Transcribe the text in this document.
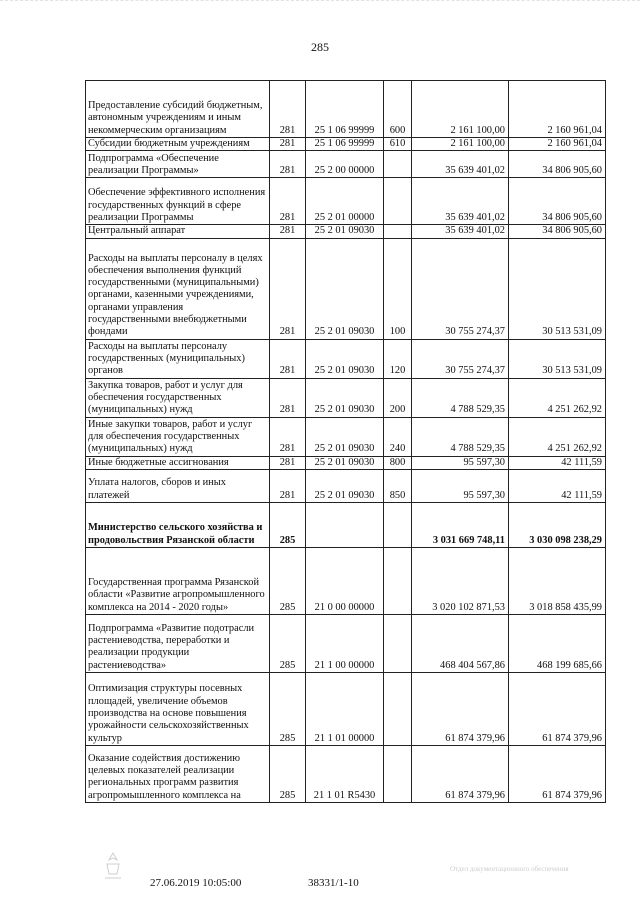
285
Предоставление субсидий бюджетным, автономным учреждениям и иным некоммерческим организациям	281	25 1 06 99999	600	2 161 100,00	2 160 961,04
Субсидии бюджетным учреждениям	281	25 1 06 99999	610	2 161 100,00	2 160 961,04
Подпрограмма «Обеспечение реализации Программы»	281	25 2 00 00000		35 639 401,02	34 806 905,60
Обеспечение эффективного исполнения государственных функций в сфере реализации Программы	281	25 2 01 00000		35 639 401,02	34 806 905,60
Центральный аппарат	281	25 2 01 09030		35 639 401,02	34 806 905,60
Расходы на выплаты персоналу в целях обеспечения выполнения функций государственными (муниципальными) органами, казенными учреждениями, органами управления государственными внебюджетными фондами	281	25 2 01 09030	100	30 755 274,37	30 513 531,09
Расходы на выплаты персоналу государственных (муниципальных) органов	281	25 2 01 09030	120	30 755 274,37	30 513 531,09
Закупка товаров, работ и услуг для обеспечения государственных (муниципальных) нужд	281	25 2 01 09030	200	4 788 529,35	4 251 262,92
Иные закупки товаров, работ и услуг для обеспечения государственных (муниципальных) нужд	281	25 2 01 09030	240	4 788 529,35	4 251 262,92
Иные бюджетные ассигнования	281	25 2 01 09030	800	95 597,30	42 111,59
Уплата налогов, сборов и иных платежей	281	25 2 01 09030	850	95 597,30	42 111,59
Министерство сельского хозяйства и продовольствия Рязанской области	285			3 031 669 748,11	3 030 098 238,29
Государственная программа Рязанской области «Развитие агропромышленного комплекса на 2014 - 2020 годы»	285	21 0 00 00000		3 020 102 871,53	3 018 858 435,99
Подпрограмма «Развитие подотрасли растениеводства, переработки и реализации продукции растениеводства»	285	21 1 00 00000		468 404 567,86	468 199 685,66
Оптимизация структуры посевных площадей, увеличение объемов производства на основе повышения урожайности сельскохозяйственных культур	285	21 1 01 00000		61 874 379,96	61 874 379,96
Оказание содействия достижению целевых показателей реализации региональных программ развития агропромышленного комплекса на	285	21 1 01 R5430		61 874 379,96	61 874 379,96
27.06.2019 10:05:00	38331/1-10
Отдел документационного обеспечения
